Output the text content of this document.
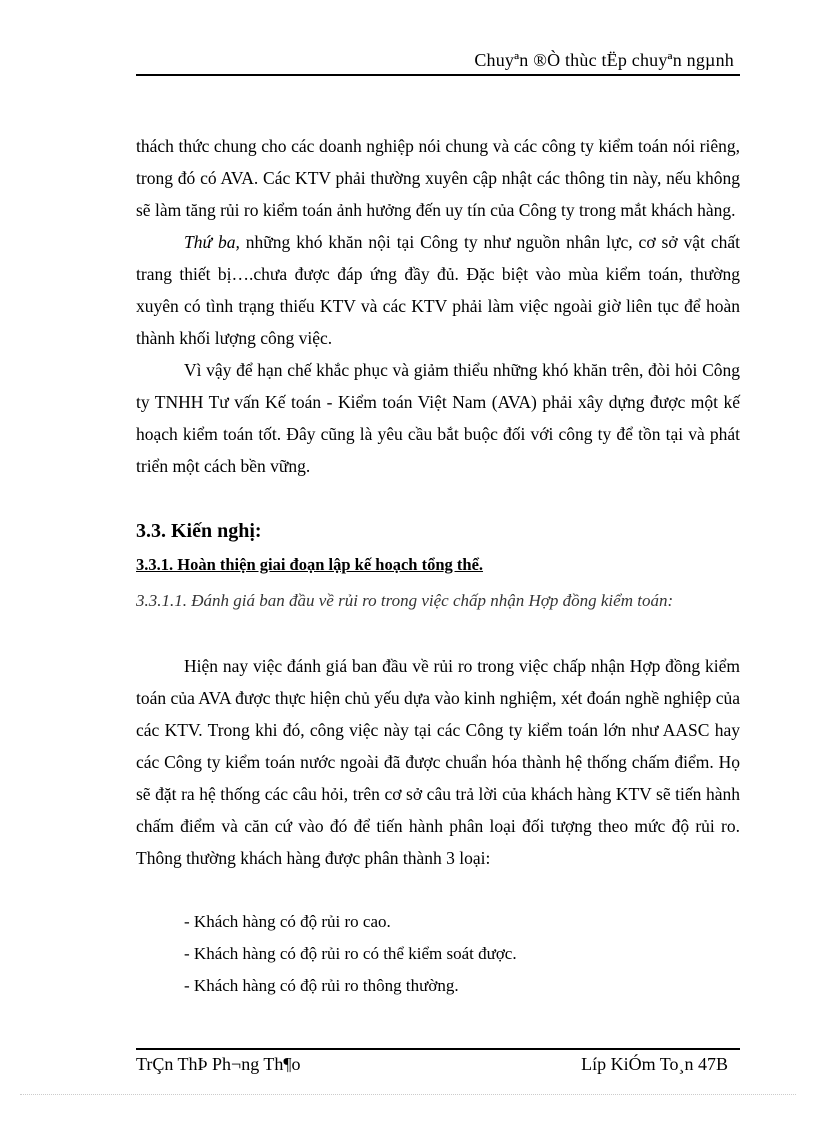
Chuyªn ®Ò thùc tËp chuyªn ngµnh

thách thức chung cho các doanh nghiệp nói chung và các công ty kiểm toán nói riêng, trong đó có AVA. Các KTV phải thường xuyên cập nhật các thông tin này, nếu không sẽ làm tăng rủi ro kiểm toán ảnh hưởng đến uy tín của Công ty trong mắt khách hàng.

Thứ ba, những khó khăn nội tại Công ty như nguồn nhân lực, cơ sở vật chất trang thiết bị….chưa được đáp ứng đầy đủ. Đặc biệt vào mùa kiểm toán, thường xuyên có tình trạng thiếu KTV và các KTV phải làm việc ngoài giờ liên tục để hoàn thành khối lượng công việc.

Vì vậy để hạn chế khắc phục và giảm thiểu những khó khăn trên, đòi hỏi Công ty TNHH Tư vấn Kế toán - Kiểm toán Việt Nam (AVA) phải xây dựng được một kế hoạch kiểm toán tốt. Đây cũng là yêu cầu bắt buộc đối với công ty để tồn tại và phát triển một cách bền vững.

3.3. Kiến nghị:
3.3.1. Hoàn thiện giai đoạn lập kế hoạch tổng thể.
3.3.1.1. Đánh giá ban đầu về rủi ro trong việc chấp nhận Hợp đồng kiểm toán:

Hiện nay việc đánh giá ban đầu về rủi ro trong việc chấp nhận Hợp đồng kiểm toán của AVA được thực hiện chủ yếu dựa vào kinh nghiệm, xét đoán nghề nghiệp của các KTV. Trong khi đó, công việc này tại các Công ty kiểm toán lớn như AASC hay các Công ty kiểm toán nước ngoài đã được chuẩn hóa thành hệ thống chấm điểm. Họ sẽ đặt ra hệ thống các câu hỏi, trên cơ sở câu trả lời của khách hàng KTV sẽ tiến hành chấm điểm và căn cứ vào đó để tiến hành phân loại đối tượng theo mức độ rủi ro. Thông thường khách hàng được phân thành 3 loại:

- Khách hàng có độ rủi ro cao.
- Khách hàng có độ rủi ro có thể kiểm soát được.
- Khách hàng có độ rủi ro thông thường.
TrÇn ThÞ Ph¬ng Th¶o	Líp KiÓm To¸n 47B
